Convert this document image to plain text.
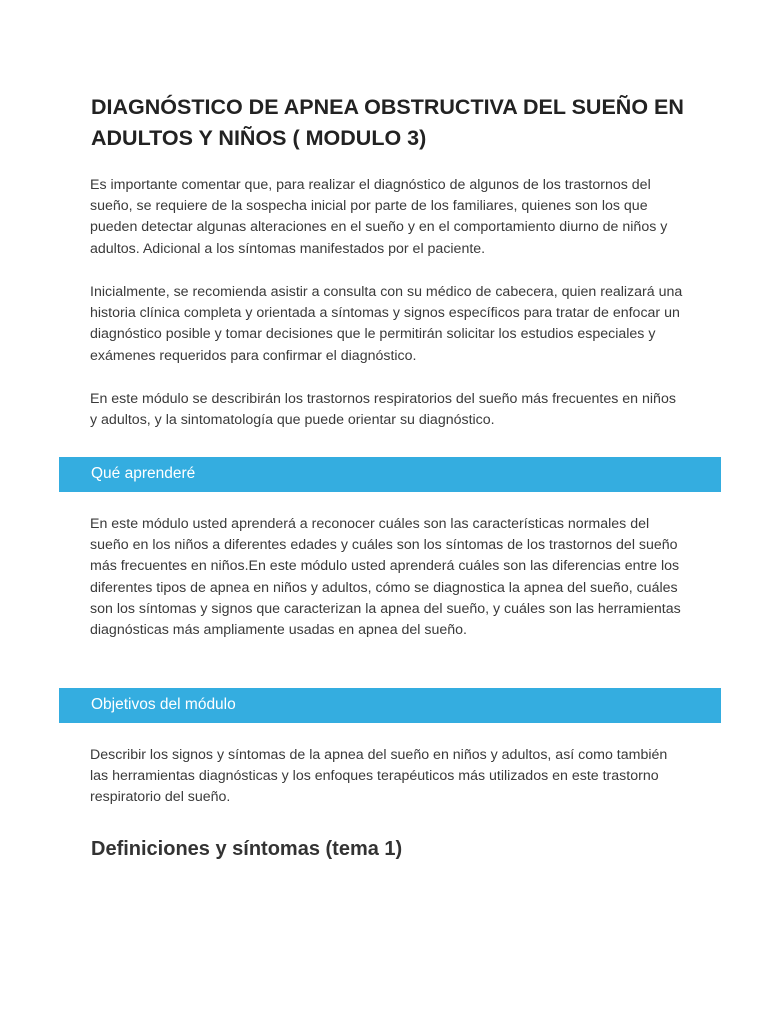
DIAGNÓSTICO DE APNEA OBSTRUCTIVA DEL SUEÑO EN ADULTOS Y NIÑOS ( MODULO 3)

Es importante comentar que, para realizar el diagnóstico de algunos de los trastornos del sueño, se requiere de la sospecha inicial por parte de los familiares, quienes son los que pueden detectar algunas alteraciones en el sueño y en el comportamiento diurno de niños y adultos. Adicional a los síntomas manifestados por el paciente.

Inicialmente, se recomienda asistir a consulta con su médico de cabecera, quien realizará una historia clínica completa y orientada a síntomas y signos específicos para tratar de enfocar un diagnóstico posible y tomar decisiones que le permitirán solicitar los estudios especiales y exámenes requeridos para confirmar el diagnóstico.

En este módulo se describirán los trastornos respiratorios del sueño más frecuentes en niños y adultos, y la sintomatología que puede orientar su diagnóstico.

Qué aprenderé

En este módulo usted aprenderá a reconocer cuáles son las características normales del sueño en los niños a diferentes edades y cuáles son los síntomas de los trastornos del sueño más frecuentes en niños.En este módulo usted aprenderá cuáles son las diferencias entre los diferentes tipos de apnea en niños y adultos, cómo se diagnostica la apnea del sueño, cuáles son los síntomas y signos que caracterizan la apnea del sueño, y cuáles son las herramientas diagnósticas más ampliamente usadas en apnea del sueño.

Objetivos del módulo

Describir los signos y síntomas de la apnea del sueño en niños y adultos, así como también las herramientas diagnósticas y los enfoques terapéuticos más utilizados en este trastorno respiratorio del sueño.

Definiciones y síntomas (tema 1)
